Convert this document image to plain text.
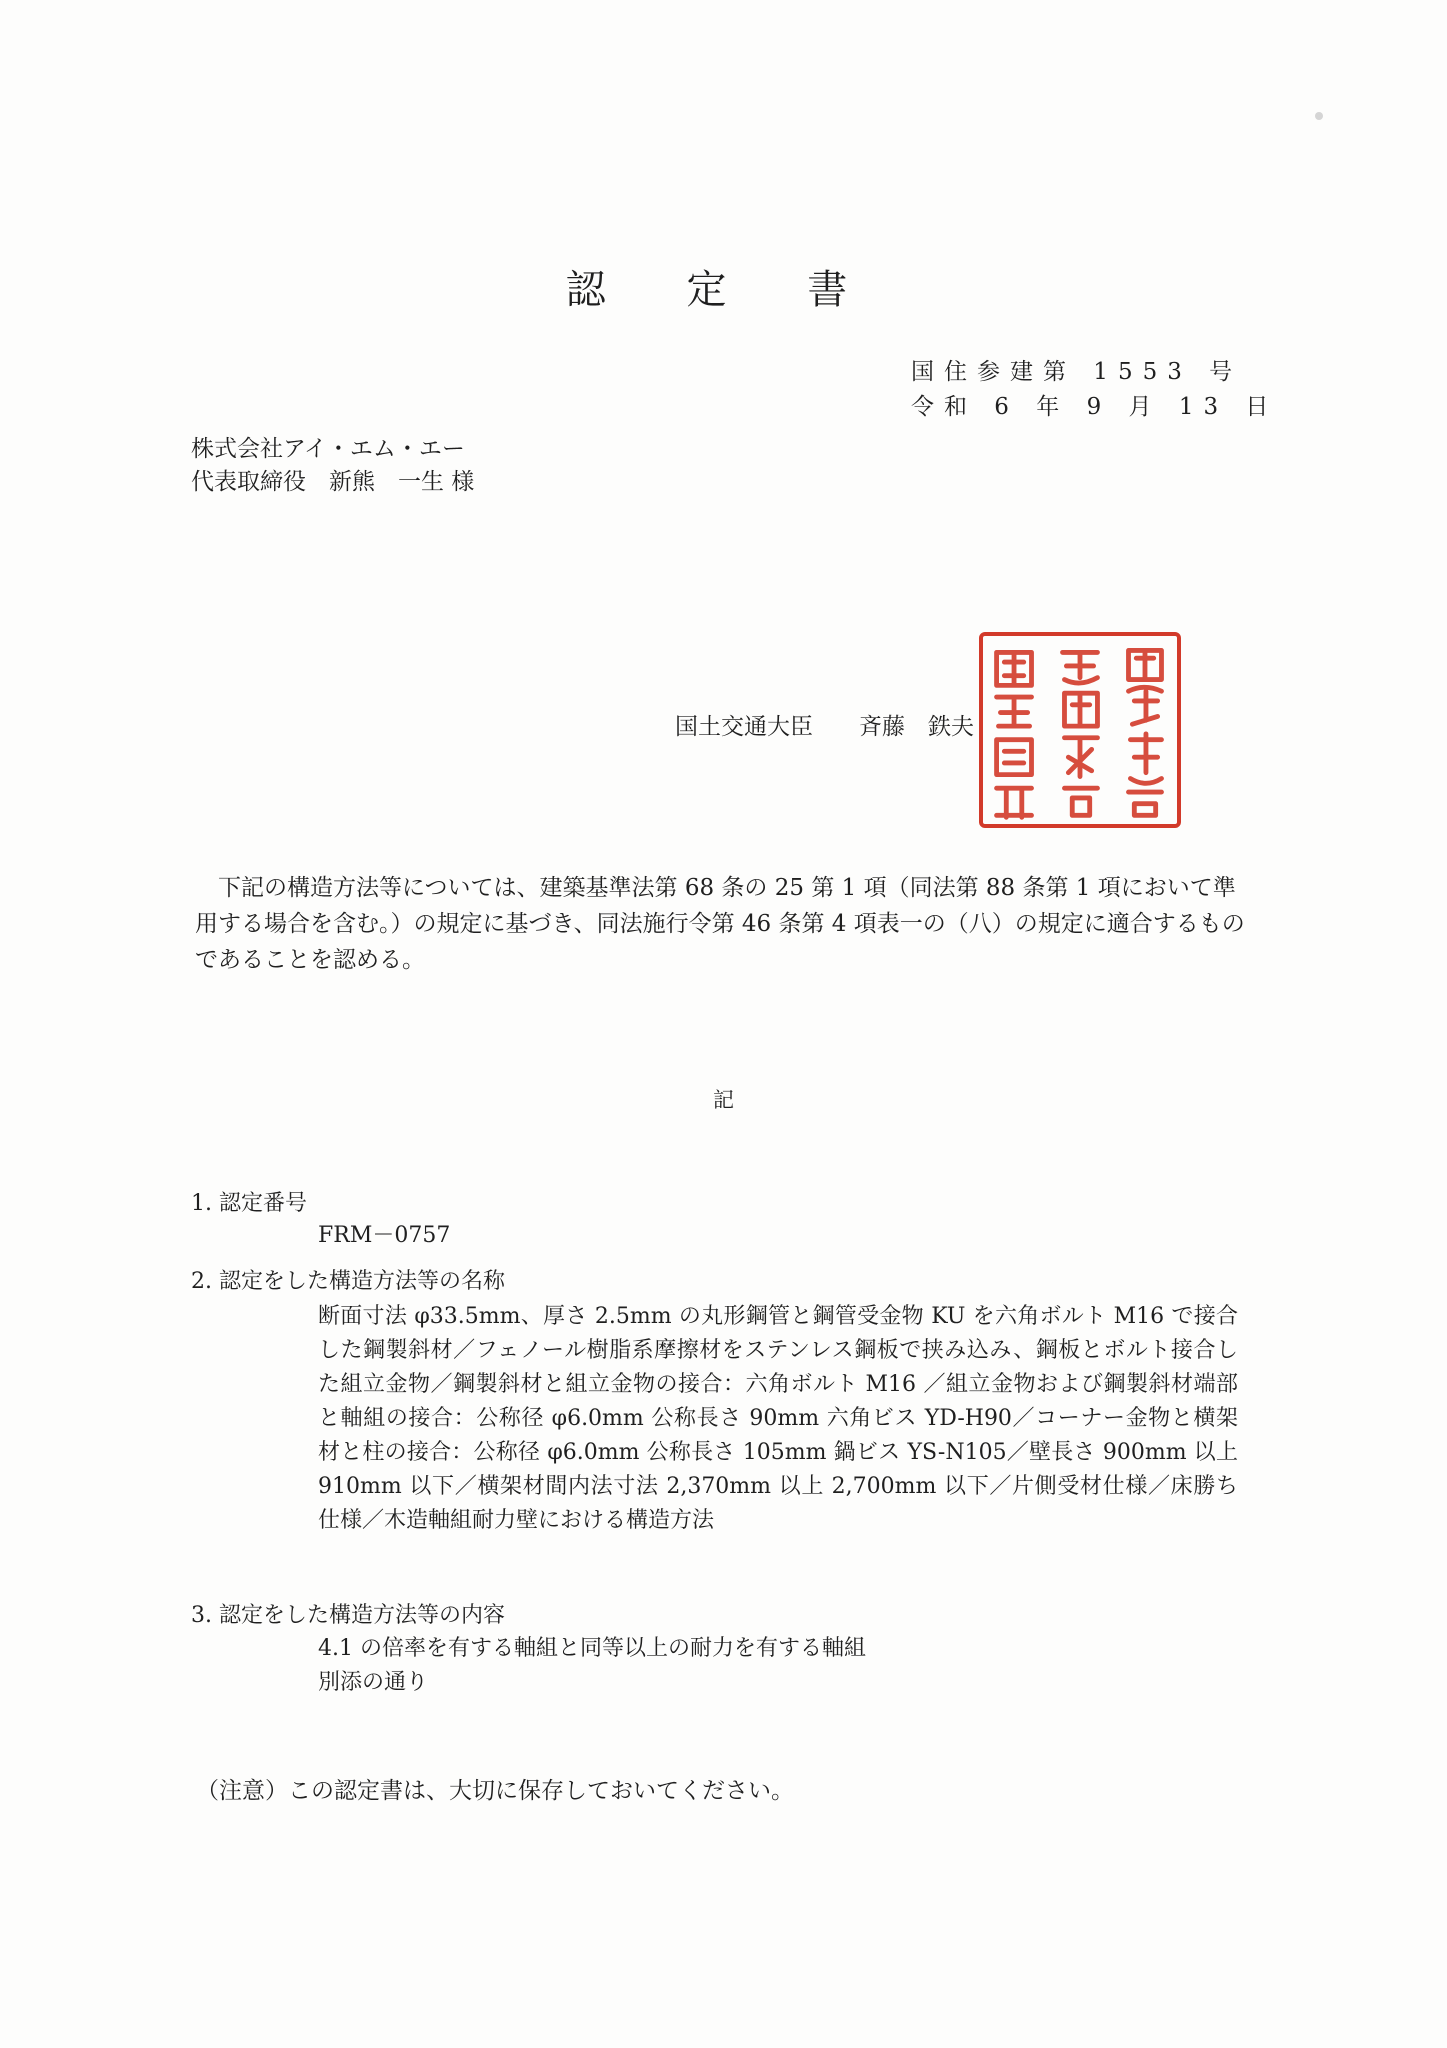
認 定 書
国住参建第 1553 号
令和 6 年 9 月 13 日
株式会社アイ・エム・エー
代表取締役　新熊　一生 様
国土交通大臣　　斉藤　鉄夫
下記の構造方法等については、建築基準法第 68 条の 25 第 1 項（同法第 88 条第 1 項において準用する場合を含む。）の規定に基づき、同法施行令第 46 条第 4 項表一の（八）の規定に適合するものであることを認める。
記
1. 認定番号
FRM－0757
2. 認定をした構造方法等の名称
断面寸法 φ33.5mm、厚さ 2.5mm の丸形鋼管と鋼管受金物 KU を六角ボルト M16 で接合した鋼製斜材／フェノール樹脂系摩擦材をステンレス鋼板で挟み込み、鋼板とボルト接合した組立金物／鋼製斜材と組立金物の接合：六角ボルト M16 ／組立金物および鋼製斜材端部と軸組の接合：公称径 φ6.0mm 公称長さ 90mm 六角ビス YD-H90／コーナー金物と横架材と柱の接合：公称径 φ6.0mm 公称長さ 105mm 鍋ビス YS-N105／壁長さ 900mm 以上 910mm 以下／横架材間内法寸法 2,370mm 以上 2,700mm 以下／片側受材仕様／床勝ち仕様／木造軸組耐力壁における構造方法
3. 認定をした構造方法等の内容
4.1 の倍率を有する軸組と同等以上の耐力を有する軸組
別添の通り
（注意）この認定書は、大切に保存しておいてください。
